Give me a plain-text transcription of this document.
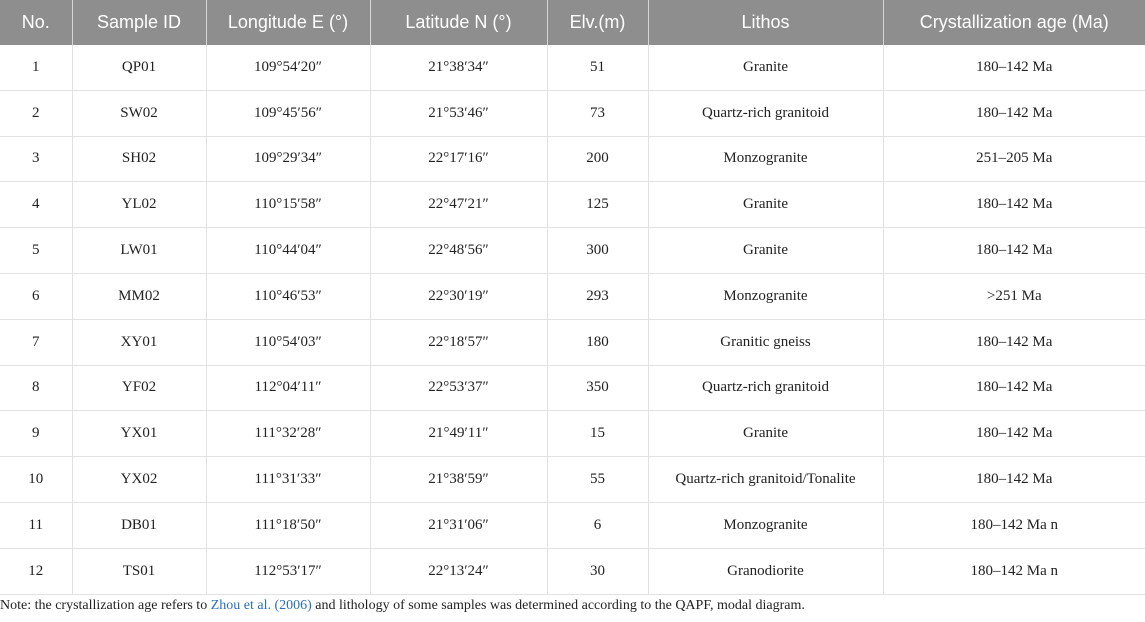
No.	Sample ID	Longitude E (°)	Latitude N (°)	Elv.(m)	Lithos	Crystallization age (Ma)
1	QP01	109°54′20″	21°38′34″	51	Granite	180–142 Ma
2	SW02	109°45′56″	21°53′46″	73	Quartz-rich granitoid	180–142 Ma
3	SH02	109°29′34″	22°17′16″	200	Monzogranite	251–205 Ma
4	YL02	110°15′58″	22°47′21″	125	Granite	180–142 Ma
5	LW01	110°44′04″	22°48′56″	300	Granite	180–142 Ma
6	MM02	110°46′53″	22°30′19″	293	Monzogranite	>251 Ma
7	XY01	110°54′03″	22°18′57″	180	Granitic gneiss	180–142 Ma
8	YF02	112°04′11″	22°53′37″	350	Quartz-rich granitoid	180–142 Ma
9	YX01	111°32′28″	21°49′11″	15	Granite	180–142 Ma
10	YX02	111°31′33″	21°38′59″	55	Quartz-rich granitoid/Tonalite	180–142 Ma
11	DB01	111°18′50″	21°31′06″	6	Monzogranite	180–142 Ma n
12	TS01	112°53′17″	22°13′24″	30	Granodiorite	180–142 Ma n
Note: the crystallization age refers to Zhou et al. (2006) and lithology of some samples was determined according to the QAPF, modal diagram.
